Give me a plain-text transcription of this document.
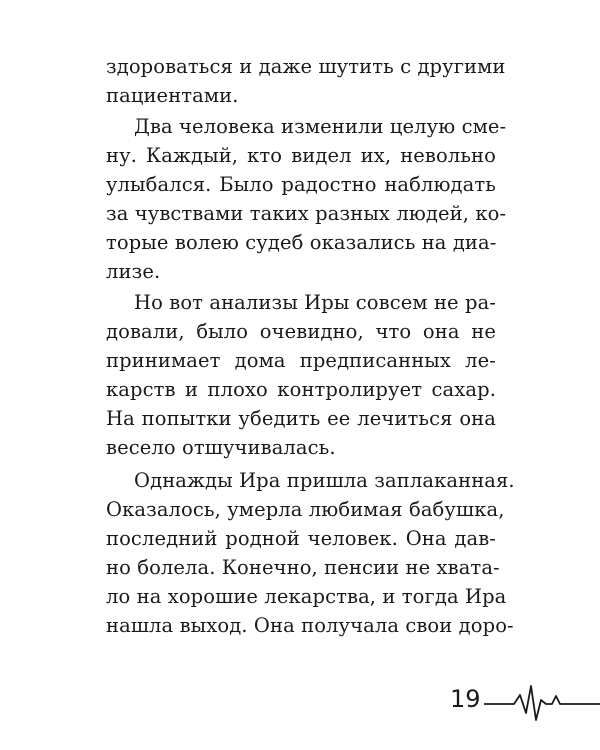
здороваться и даже шутить с другими
пациентами.
Два человека изменили целую сме-
ну. Каждый, кто видел их, невольно
улыбался. Было радостно наблюдать
за чувствами таких разных людей, ко-
торые волею судеб оказались на диа-
лизе.
Но вот анализы Иры совсем не ра-
довали, было очевидно, что она не
принимает дома предписанных ле-
карств и плохо контролирует сахар.
На попытки убедить ее лечиться она
весело отшучивалась.
Однажды Ира пришла заплаканная.
Оказалось, умерла любимая бабушка,
последний родной человек. Она дав-
но болела. Конечно, пенсии не хвата-
ло на хорошие лекарства, и тогда Ира
нашла выход. Она получала свои доро-
19
